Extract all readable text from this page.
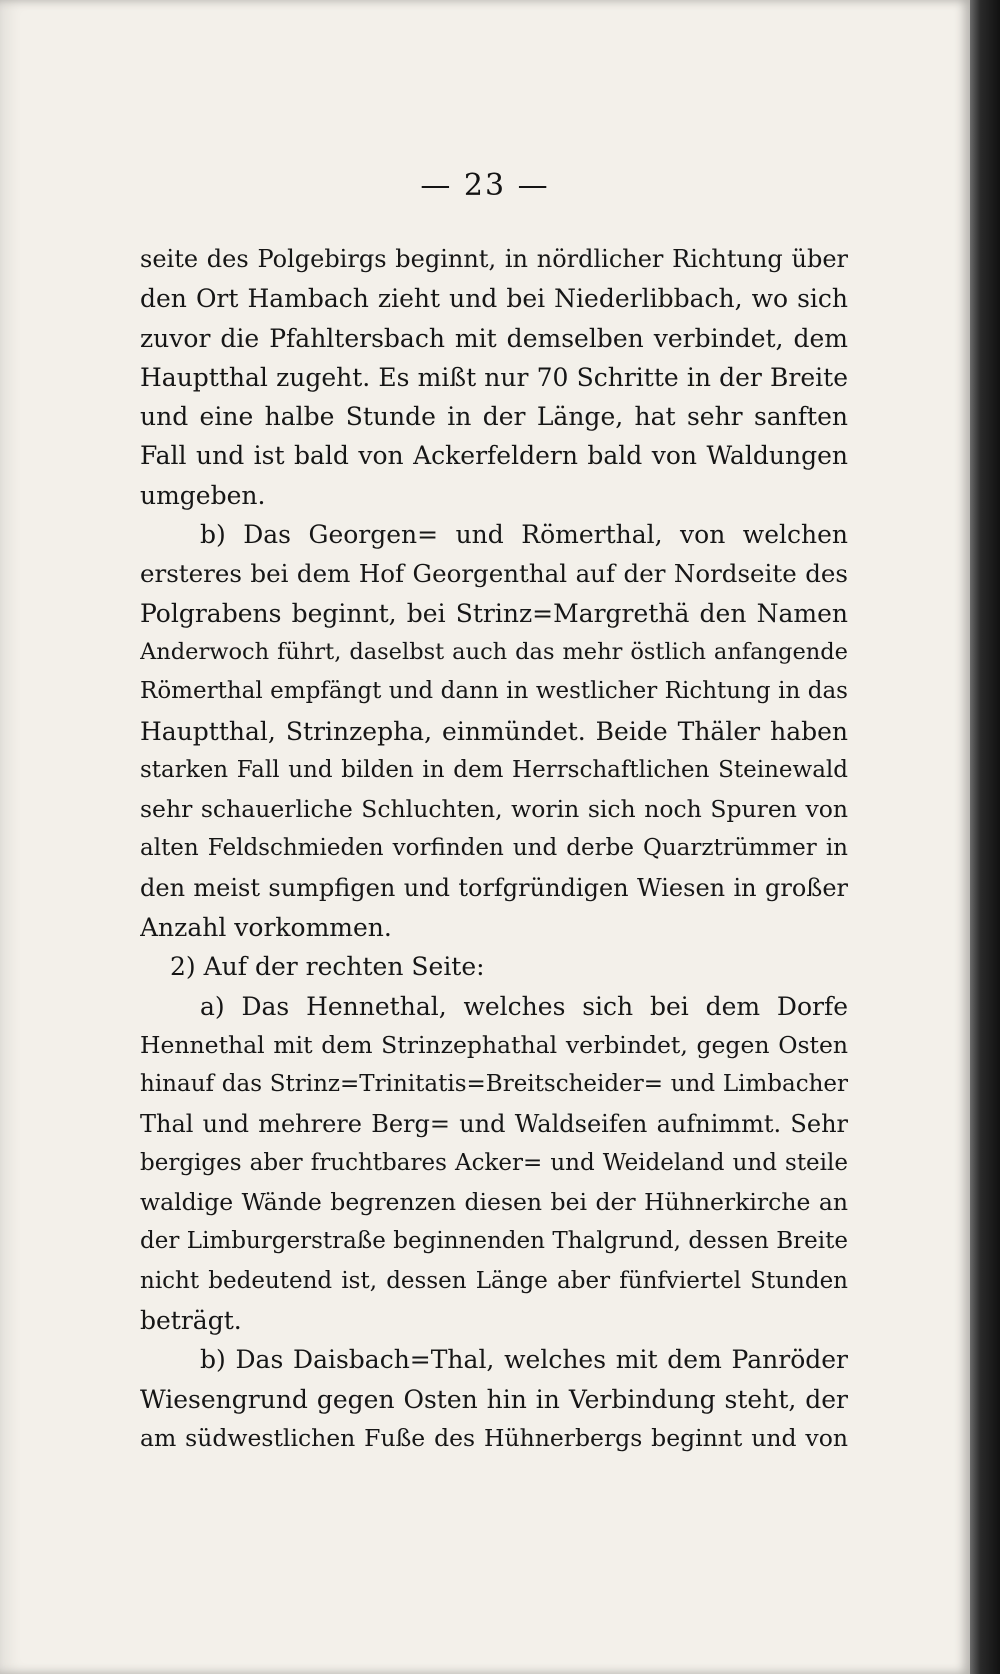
— 23 —
seite des Polgebirgs beginnt, in nördlicher Richtung über
den Ort Hambach zieht und bei Niederlibbach, wo sich
zuvor die Pfahltersbach mit demselben verbindet, dem
Hauptthal zugeht. Es mißt nur 70 Schritte in der Breite
und eine halbe Stunde in der Länge, hat sehr sanften
Fall und ist bald von Ackerfeldern bald von Waldungen
umgeben.
b) Das Georgen= und Römerthal, von welchen
ersteres bei dem Hof Georgenthal auf der Nordseite des
Polgrabens beginnt, bei Strinz=Margrethä den Namen
Anderwoch führt, daselbst auch das mehr östlich anfangende
Römerthal empfängt und dann in westlicher Richtung in das
Hauptthal, Strinzepha, einmündet. Beide Thäler haben
starken Fall und bilden in dem Herrschaftlichen Steinewald
sehr schauerliche Schluchten, worin sich noch Spuren von
alten Feldschmieden vorfinden und derbe Quarztrümmer in
den meist sumpfigen und torfgründigen Wiesen in großer
Anzahl vorkommen.
2) Auf der rechten Seite:
a) Das Hennethal, welches sich bei dem Dorfe
Hennethal mit dem Strinzephathal verbindet, gegen Osten
hinauf das Strinz=Trinitatis=Breitscheider= und Limbacher
Thal und mehrere Berg= und Waldseifen aufnimmt. Sehr
bergiges aber fruchtbares Acker= und Weideland und steile
waldige Wände begrenzen diesen bei der Hühnerkirche an
der Limburgerstraße beginnenden Thalgrund, dessen Breite
nicht bedeutend ist, dessen Länge aber fünfviertel Stunden
beträgt.
b) Das Daisbach=Thal, welches mit dem Panröder
Wiesengrund gegen Osten hin in Verbindung steht, der
am südwestlichen Fuße des Hühnerbergs beginnt und von
